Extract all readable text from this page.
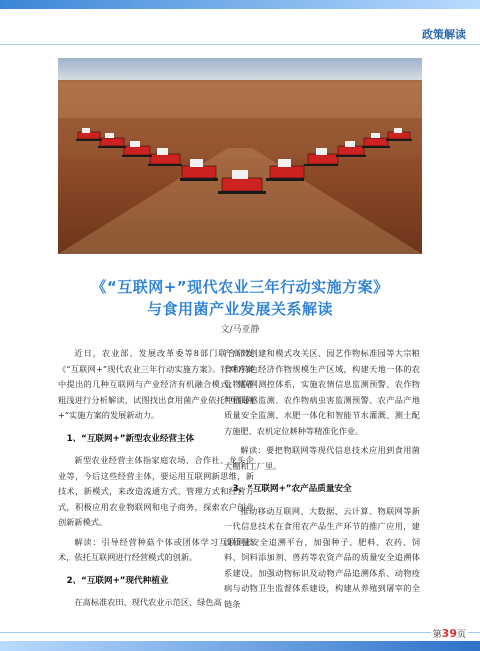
政策解读
《“互联网+”现代农业三年行动实施方案》
与食用菌产业发展关系解读
文/马亚静

近日，农业部、发展改革委等8部门联合印发《“互联网+”现代农业三年行动实施方案》。针对方案中提出的几种互联网与产业经济有机融合模式，笔者粗浅进行分析解读，试图找出食用菌产业依托“互联网+”实施方案的发展新动力。

1、“互联网+”新型农业经营主体

新型农业经营主体指家庭农场、合作社、龙头企业等，今后这些经营主体，要运用互联网新思维，新技术，新模式，来改造流通方式、管理方式和经营方式，积极应用农业物联网和电子商务，探索农户创业创新新模式。

解读：引导经营种菇个体或团体学习互联网技术，依托互联网进行经营模式的创新。

2、“互联网+”现代种植业

在高标准农田、现代农业示范区、绿色高

产高效创建和模式攻关区、园艺作物标准园等大宗粮食和特色经济作物规模生产区域，构建天地一体的农业物联网测控体系，实施农情信息监测预警、农作物种植遥感监测、农作物病虫害监测预警、农产品产地质量安全监测、水肥一体化和智能节水灌溉、测土配方施肥、农机定位耕种等精准化作业。

解读：要把物联网等现代信息技术应用到食用菌大棚和工厂里。

3、“互联网+”农产品质量安全

推动移动互联网、大数据、云计算、物联网等新一代信息技术在食用农产品生产环节的推广应用，建设质量安全追溯平台，加强种子、肥料、农药、饲料、饲料添加剂、兽药等农资产品的质量安全追溯体系建设。加强动物标识及动物产品追溯体系、动物疫病与动物卫生监督体系建设，构建从养殖到屠宰的全链条

第39页
